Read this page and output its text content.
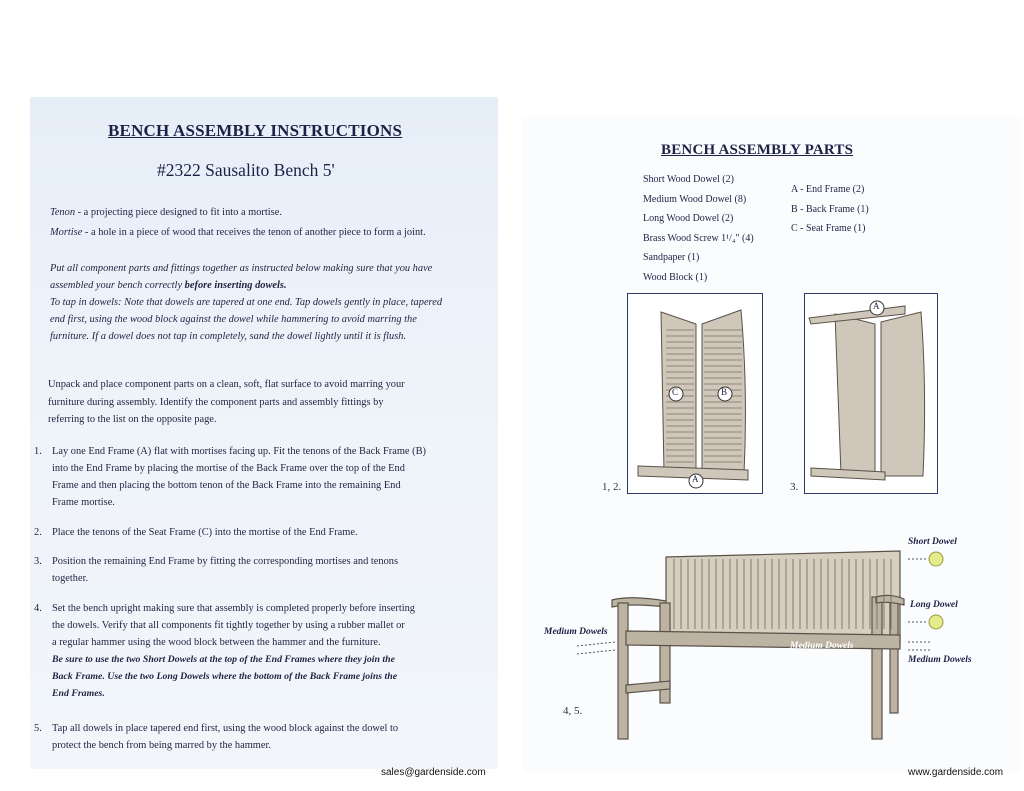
BENCH ASSEMBLY INSTRUCTIONS
#2322 Sausalito Bench 5'
Tenon - a projecting piece designed to fit into a mortise.
Mortise - a hole in a piece of wood that receives the tenon of another piece to form a joint.
Put all component parts and fittings together as instructed below making sure that you have
assembled your bench correctly before inserting dowels.
To tap in dowels: Note that dowels are tapered at one end. Tap dowels gently in place, tapered
end first, using the wood block against the dowel while hammering to avoid marring the
furniture. If a dowel does not tap in completely, sand the dowel lightly until it is flush.
Unpack and place component parts on a clean, soft, flat surface to avoid marring your
furniture during assembly. Identify the component parts and assembly fittings by
referring to the list on the opposite page.
1. Lay one End Frame (A) flat with mortises facing up. Fit the tenons of the Back Frame (B)
into the End Frame by placing the mortise of the Back Frame over the top of the End
Frame and then placing the bottom tenon of the Back Frame into the remaining End
Frame mortise.
2. Place the tenons of the Seat Frame (C) into the mortise of the End Frame.
3. Position the remaining End Frame by fitting the corresponding mortises and tenons
together.
4. Set the bench upright making sure that assembly is completed properly before inserting
the dowels. Verify that all components fit tightly together by using a rubber mallet or
a regular hammer using the wood block between the hammer and the furniture.
Be sure to use the two Short Dowels at the top of the End Frames where they join the
Back Frame. Use the two Long Dowels where the bottom of the Back Frame joins the
End Frames.
5. Tap all dowels in place tapered end first, using the wood block against the dowel to
protect the bench from being marred by the hammer.
BENCH ASSEMBLY PARTS
Short Wood Dowel (2)
Medium Wood Dowel (8)
Long Wood Dowel (2)
Brass Wood Screw 1¹/₄" (4)
Sandpaper (1)
Wood Block (1)
A - End Frame (2)
B - Back Frame (1)
C - Seat Frame (1)
C	B
A
1, 2.
A
3.
4, 5.
Short Dowel
Long Dowel
Medium Dowels
Medium Dowels
Medium Dowels
sales@gardenside.com	www.gardenside.com
